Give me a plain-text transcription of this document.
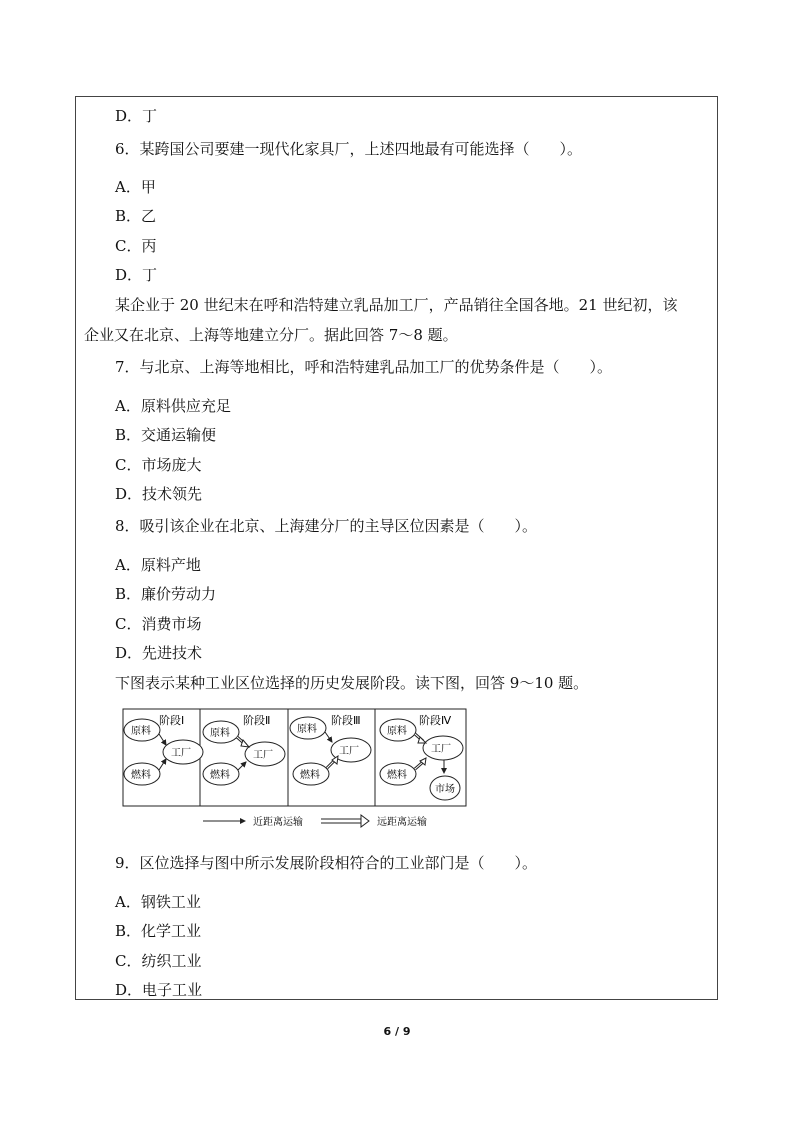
D．丁
6．某跨国公司要建一现代化家具厂，上述四地最有可能选择（　　）。
A．甲
B．乙
C．丙
D．丁
某企业于 20 世纪末在呼和浩特建立乳品加工厂，产品销往全国各地。21 世纪初，该
企业又在北京、上海等地建立分厂。据此回答 7～8 题。
7．与北京、上海等地相比，呼和浩特建乳品加工厂的优势条件是（　　）。
A．原料供应充足
B．交通运输便
C．市场庞大
D．技术领先
8．吸引该企业在北京、上海建分厂的主导区位因素是（　　）。
A．原料产地
B．廉价劳动力
C．消费市场
D．先进技术
下图表示某种工业区位选择的历史发展阶段。读下图，回答 9～10 题。
阶段Ⅰ	阶段Ⅱ	阶段Ⅲ	阶段Ⅳ
原料
燃料
工厂
原料
燃料
工厂
原料
燃料
工厂
原料
燃料
工厂
市场
近距离运输	远距离运输
9．区位选择与图中所示发展阶段相符合的工业部门是（　　）。
A．钢铁工业
B．化学工业
C．纺织工业
D．电子工业
6 / 9
